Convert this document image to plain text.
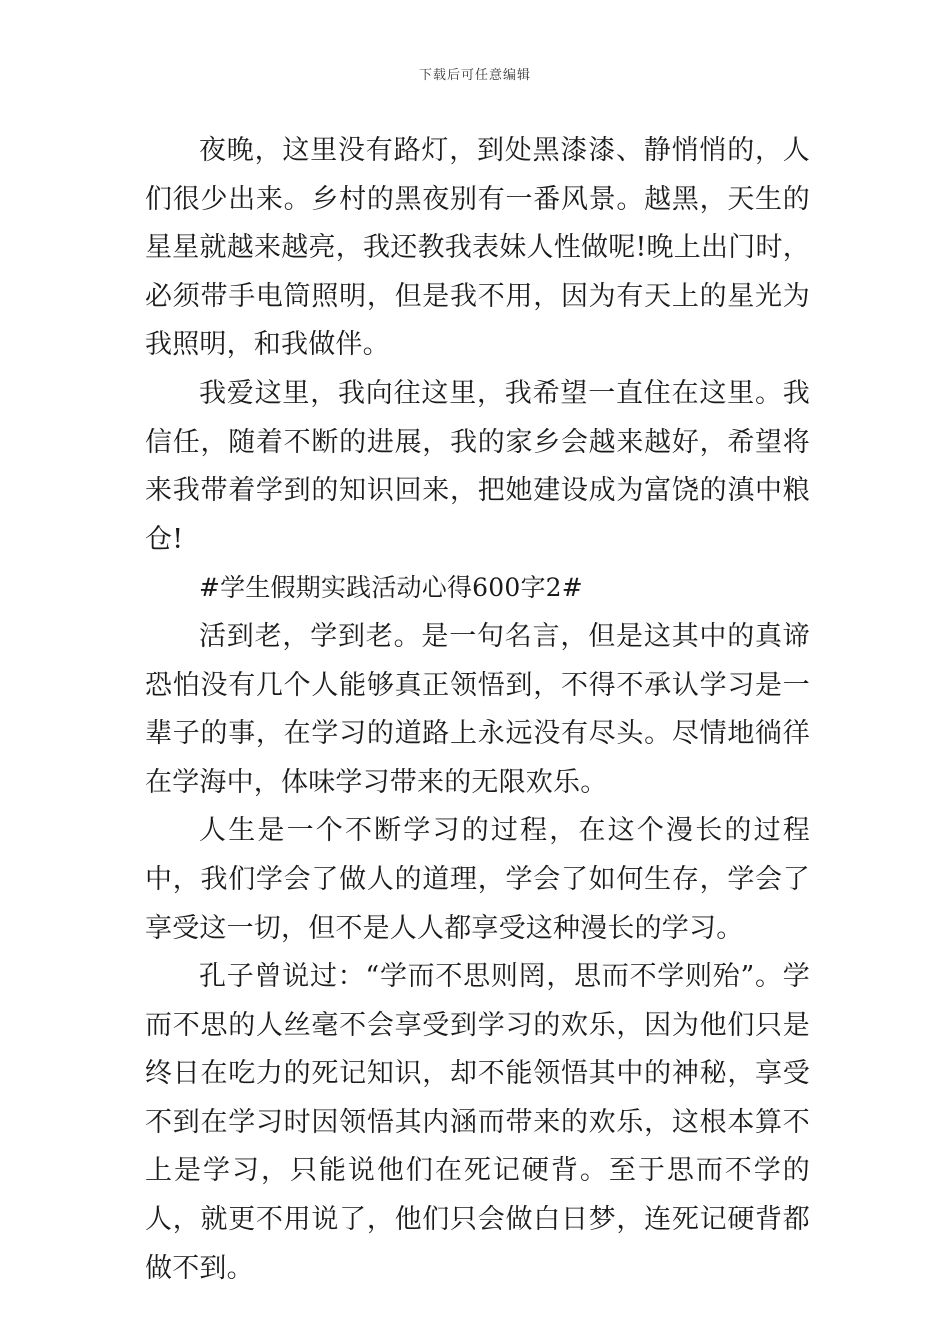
下载后可任意编辑

夜晚，这里没有路灯，到处黑漆漆、静悄悄的，人们很少出来。乡村的黑夜别有一番风景。越黑，天生的星星就越来越亮，我还教我表妹人性做呢!晚上出门时，必须带手电筒照明，但是我不用，因为有天上的星光为我照明，和我做伴。

我爱这里，我向往这里，我希望一直住在这里。我信任，随着不断的进展，我的家乡会越来越好，希望将来我带着学到的知识回来，把她建设成为富饶的滇中粮仓!

#学生假期实践活动心得600字2#

活到老，学到老。是一句名言，但是这其中的真谛恐怕没有几个人能够真正领悟到，不得不承认学习是一辈子的事，在学习的道路上永远没有尽头。尽情地徜徉在学海中，体味学习带来的无限欢乐。

人生是一个不断学习的过程，在这个漫长的过程中，我们学会了做人的道理，学会了如何生存，学会了享受这一切，但不是人人都享受这种漫长的学习。

孔子曾说过：“学而不思则罔，思而不学则殆”。学而不思的人丝毫不会享受到学习的欢乐，因为他们只是终日在吃力的死记知识，却不能领悟其中的神秘，享受不到在学习时因领悟其内涵而带来的欢乐，这根本算不上是学习，只能说他们在死记硬背。至于思而不学的人，就更不用说了，他们只会做白日梦，连死记硬背都做不到。
